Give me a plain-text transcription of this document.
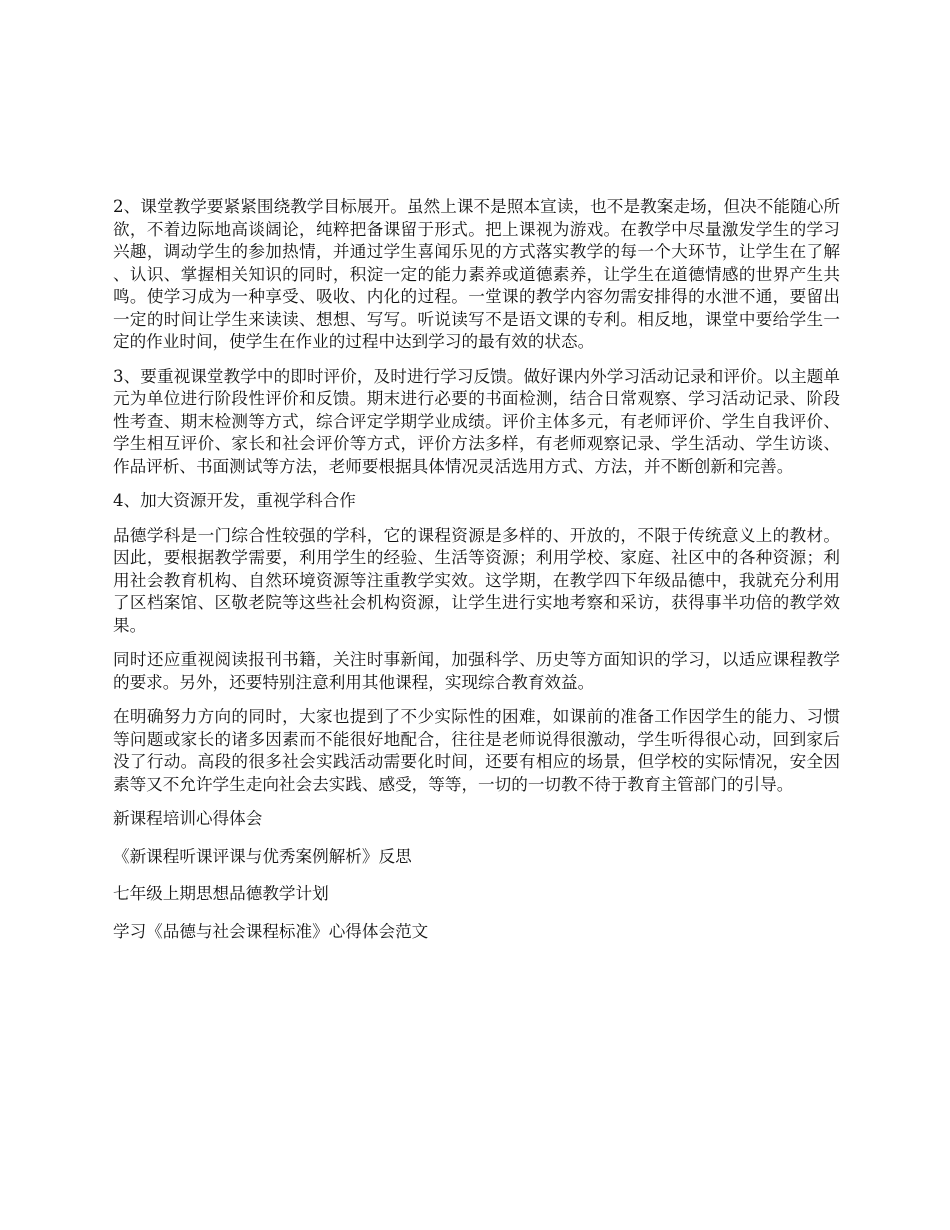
2、课堂教学要紧紧围绕教学目标展开。虽然上课不是照本宣读，也不是教案走场，但决不能随心所欲，不着边际地高谈阔论，纯粹把备课留于形式。把上课视为游戏。在教学中尽量激发学生的学习兴趣，调动学生的参加热情，并通过学生喜闻乐见的方式落实教学的每一个大环节，让学生在了解、认识、掌握相关知识的同时，积淀一定的能力素养或道德素养，让学生在道德情感的世界产生共鸣。使学习成为一种享受、吸收、内化的过程。一堂课的教学内容勿需安排得的水泄不通，要留出一定的时间让学生来读读、想想、写写。听说读写不是语文课的专利。相反地，课堂中要给学生一定的作业时间，使学生在作业的过程中达到学习的最有效的状态。

3、要重视课堂教学中的即时评价，及时进行学习反馈。做好课内外学习活动记录和评价。以主题单元为单位进行阶段性评价和反馈。期末进行必要的书面检测，结合日常观察、学习活动记录、阶段性考查、期末检测等方式，综合评定学期学业成绩。评价主体多元，有老师评价、学生自我评价、学生相互评价、家长和社会评价等方式，评价方法多样，有老师观察记录、学生活动、学生访谈、作品评析、书面测试等方法，老师要根据具体情况灵活选用方式、方法，并不断创新和完善。

4、加大资源开发，重视学科合作

品德学科是一门综合性较强的学科，它的课程资源是多样的、开放的，不限于传统意义上的教材。因此，要根据教学需要，利用学生的经验、生活等资源；利用学校、家庭、社区中的各种资源；利用社会教育机构、自然环境资源等注重教学实效。这学期，在教学四下年级品德中，我就充分利用了区档案馆、区敬老院等这些社会机构资源，让学生进行实地考察和采访，获得事半功倍的教学效果。

同时还应重视阅读报刊书籍，关注时事新闻，加强科学、历史等方面知识的学习，以适应课程教学的要求。另外，还要特别注意利用其他课程，实现综合教育效益。

在明确努力方向的同时，大家也提到了不少实际性的困难，如课前的准备工作因学生的能力、习惯等问题或家长的诸多因素而不能很好地配合，往往是老师说得很激动，学生听得很心动，回到家后没了行动。高段的很多社会实践活动需要化时间，还要有相应的场景，但学校的实际情况，安全因素等又不允许学生走向社会去实践、感受，等等，一切的一切教不待于教育主管部门的引导。

新课程培训心得体会

《新课程听课评课与优秀案例解析》反思

七年级上期思想品德教学计划

学习《品德与社会课程标准》心得体会范文
